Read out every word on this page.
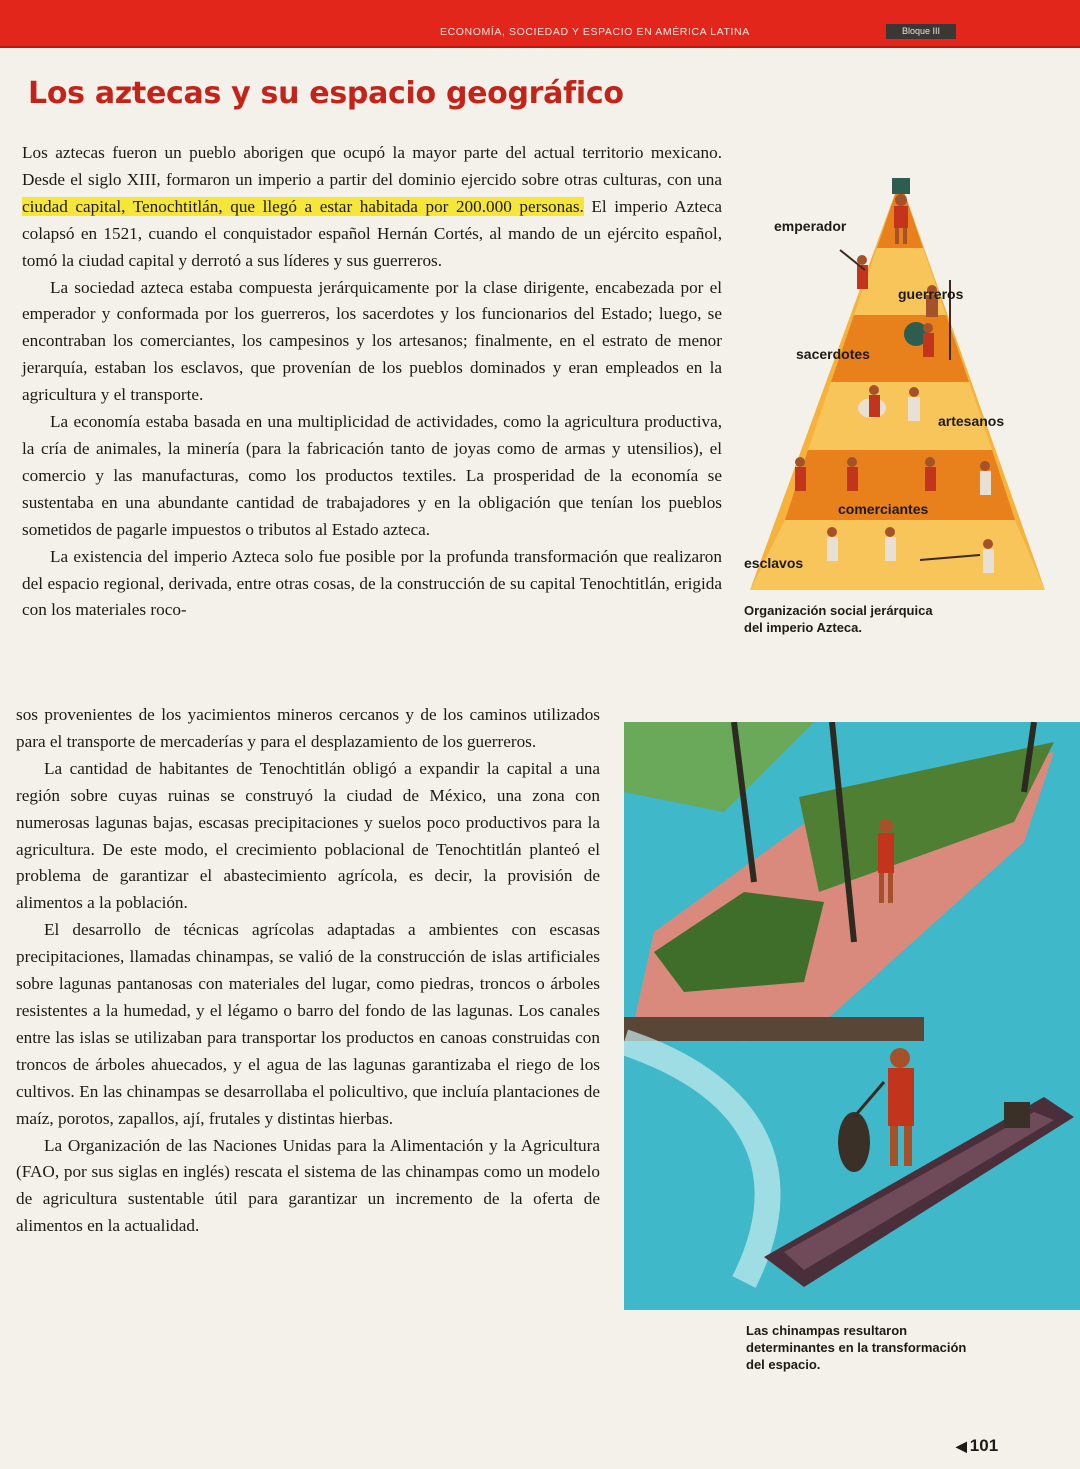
ECONOMÍA, SOCIEDAD Y ESPACIO EN AMÉRICA LATINA	Bloque III
Los aztecas y su espacio geográfico

Los aztecas fueron un pueblo aborigen que ocupó la mayor parte del actual territorio mexicano. Desde el siglo XIII, formaron un imperio a partir del dominio ejercido sobre otras culturas, con una ciudad capital, Tenochtitlán, que llegó a estar habitada por 200.000 personas. El imperio Azteca colapsó en 1521, cuando el conquistador español Hernán Cortés, al mando de un ejército español, tomó la ciudad capital y derrotó a sus líderes y sus guerreros.

La sociedad azteca estaba compuesta jerárquicamente por la clase dirigente, encabezada por el emperador y conformada por los guerreros, los sacerdotes y los funcionarios del Estado; luego, se encontraban los comerciantes, los campesinos y los artesanos; finalmente, en el estrato de menor jerarquía, estaban los esclavos, que provenían de los pueblos dominados y eran empleados en la agricultura y el transporte.

La economía estaba basada en una multiplicidad de actividades, como la agricultura productiva, la cría de animales, la minería (para la fabricación tanto de joyas como de armas y utensilios), el comercio y las manufacturas, como los productos textiles. La prosperidad de la economía se sustentaba en una abundante cantidad de trabajadores y en la obligación que tenían los pueblos sometidos de pagarle impuestos o tributos al Estado azteca.

La existencia del imperio Azteca solo fue posible por la profunda transformación que realizaron del espacio regional, derivada, entre otras cosas, de la construcción de su capital Tenochtitlán, erigida con los materiales roco-

sos provenientes de los yacimientos mineros cercanos y de los caminos utilizados para el transporte de mercaderías y para el desplazamiento de los guerreros.

La cantidad de habitantes de Tenochtitlán obligó a expandir la capital a una región sobre cuyas ruinas se construyó la ciudad de México, una zona con numerosas lagunas bajas, escasas precipitaciones y suelos poco productivos para la agricultura. De este modo, el crecimiento poblacional de Tenochtitlán planteó el problema de garantizar el abastecimiento agrícola, es decir, la provisión de alimentos a la población.

El desarrollo de técnicas agrícolas adaptadas a ambientes con escasas precipitaciones, llamadas chinampas, se valió de la construcción de islas artificiales sobre lagunas pantanosas con materiales del lugar, como piedras, troncos o árboles resistentes a la humedad, y el légamo o barro del fondo de las lagunas. Los canales entre las islas se utilizaban para transportar los productos en canoas construidas con troncos de árboles ahuecados, y el agua de las lagunas garantizaba el riego de los cultivos. En las chinampas se desarrollaba el policultivo, que incluía plantaciones de maíz, porotos, zapallos, ají, frutales y distintas hierbas.

La Organización de las Naciones Unidas para la Alimentación y la Agricultura (FAO, por sus siglas en inglés) rescata el sistema de las chinampas como un modelo de agricultura sustentable útil para garantizar un incremento de la oferta de alimentos en la actualidad.

emperador
guerreros
sacerdotes
artesanos
comerciantes
esclavos
Organización social jerárquica del imperio Azteca.
Las chinampas resultaron determinantes en la transformación del espacio.
◀ 101
